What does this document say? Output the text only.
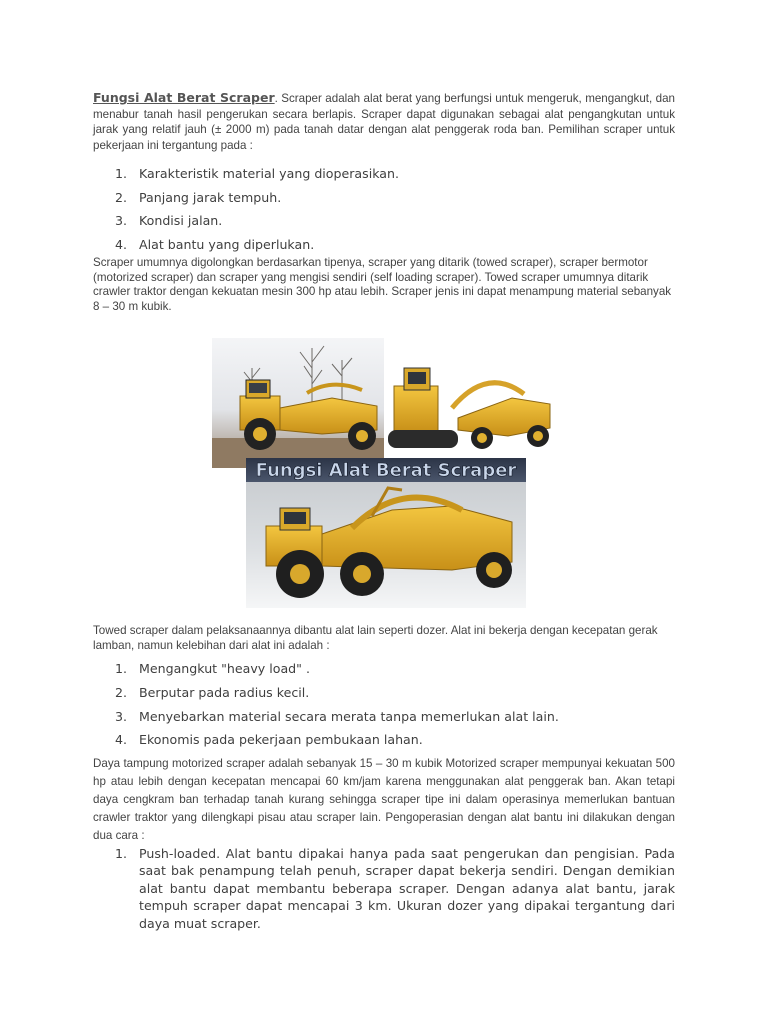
Fungsi Alat Berat Scraper. Scraper adalah alat berat yang berfungsi untuk mengeruk, mengangkut, dan menabur tanah hasil pengerukan secara berlapis. Scraper dapat digunakan sebagai alat pengangkutan untuk jarak yang relatif jauh (± 2000 m) pada tanah datar dengan alat penggerak roda ban. Pemilihan scraper untuk pekerjaan ini tergantung pada :

1. Karakteristik material yang dioperasikan.
2. Panjang jarak tempuh.
3. Kondisi jalan.
4. Alat bantu yang diperlukan.

Scraper umumnya digolongkan berdasarkan tipenya, scraper yang ditarik (towed scraper), scraper bermotor (motorized scraper) dan scraper yang mengisi sendiri (self loading scraper). Towed scraper umumnya ditarik crawler traktor dengan kekuatan mesin 300 hp atau lebih. Scraper jenis ini dapat menampung material sebanyak 8 – 30 m kubik.

Fungsi Alat Berat Scraper

Towed scraper dalam pelaksanaannya dibantu alat lain seperti dozer. Alat ini bekerja dengan kecepatan gerak lamban, namun kelebihan dari alat ini adalah :

1. Mengangkut "heavy load" .
2. Berputar pada radius kecil.
3. Menyebarkan material secara merata tanpa memerlukan alat lain.
4. Ekonomis pada pekerjaan pembukaan lahan.

Daya tampung motorized scraper adalah sebanyak 15 – 30 m kubik Motorized scraper mempunyai kekuatan 500 hp atau lebih dengan kecepatan mencapai 60 km/jam karena menggunakan alat penggerak ban. Akan tetapi daya cengkram ban terhadap tanah kurang sehingga scraper tipe ini dalam operasinya memerlukan bantuan crawler traktor yang dilengkapi pisau atau scraper lain. Pengoperasian dengan alat bantu ini dilakukan dengan dua cara :

1. Push-loaded. Alat bantu dipakai hanya pada saat pengerukan dan pengisian. Pada saat bak penampung telah penuh, scraper dapat bekerja sendiri. Dengan demikian alat bantu dapat membantu beberapa scraper. Dengan adanya alat bantu, jarak tempuh scraper dapat mencapai 3 km. Ukuran dozer yang dipakai tergantung dari daya muat scraper.
